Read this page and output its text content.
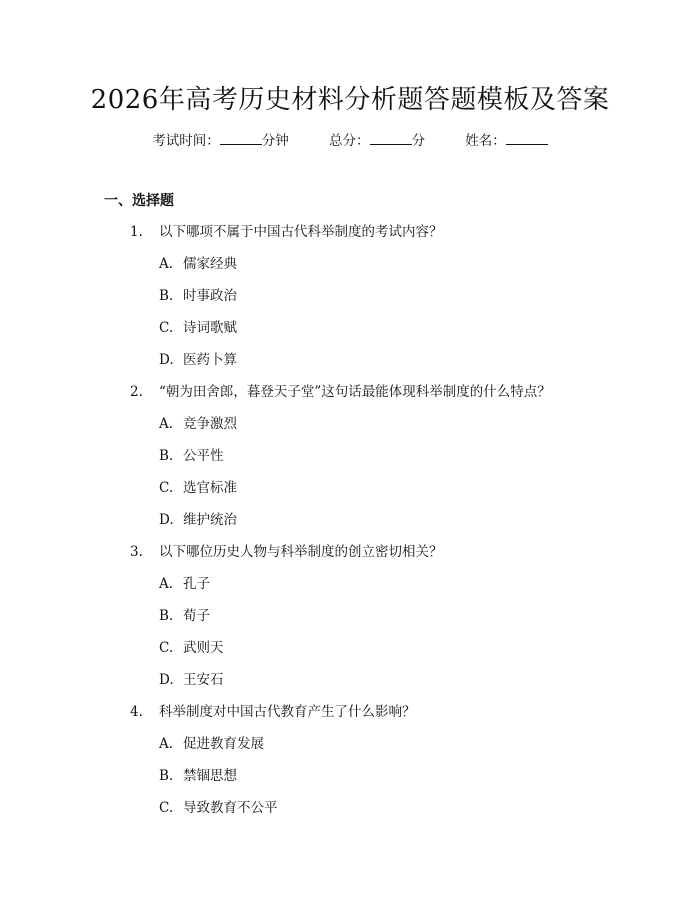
2026年高考历史材料分析题答题模板及答案
考试时间：	分钟	总分：	分	姓名：
一、选择题
1. 以下哪项不属于中国古代科举制度的考试内容？
A. 儒家经典
B. 时事政治
C. 诗词歌赋
D. 医药卜算
2. “朝为田舍郎，暮登天子堂”这句话最能体现科举制度的什么特点？
A. 竞争激烈
B. 公平性
C. 选官标准
D. 维护统治
3. 以下哪位历史人物与科举制度的创立密切相关？
A. 孔子
B. 荀子
C. 武则天
D. 王安石
4. 科举制度对中国古代教育产生了什么影响？
A. 促进教育发展
B. 禁锢思想
C. 导致教育不公平
